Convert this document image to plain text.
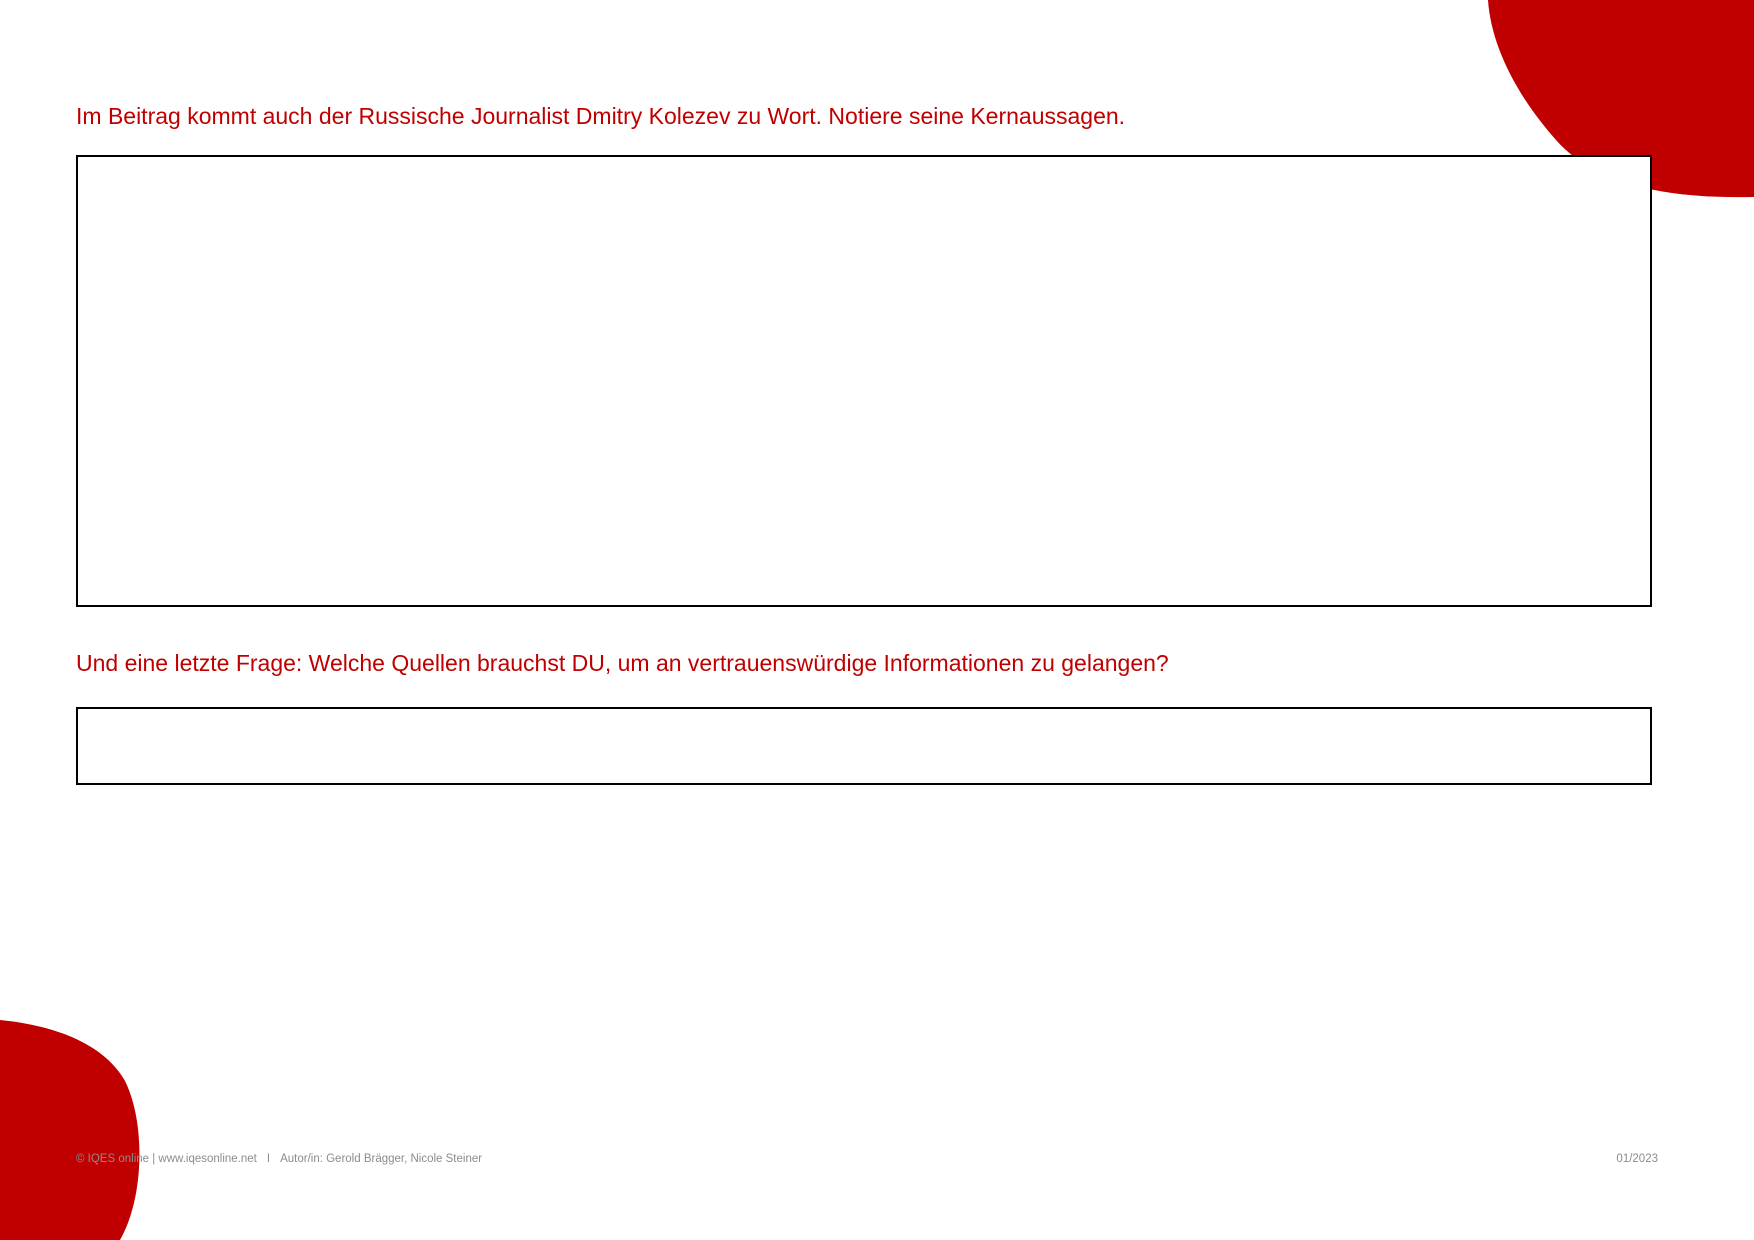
Im Beitrag kommt auch der Russische Journalist Dmitry Kolezev zu Wort. Notiere seine Kernaussagen.
Und eine letzte Frage: Welche Quellen brauchst DU, um an vertrauenswürdige Informationen zu gelangen?
© IQES online | www.iqesonline.net I Autor/in: Gerold Brägger, Nicole Steiner	01/2023
